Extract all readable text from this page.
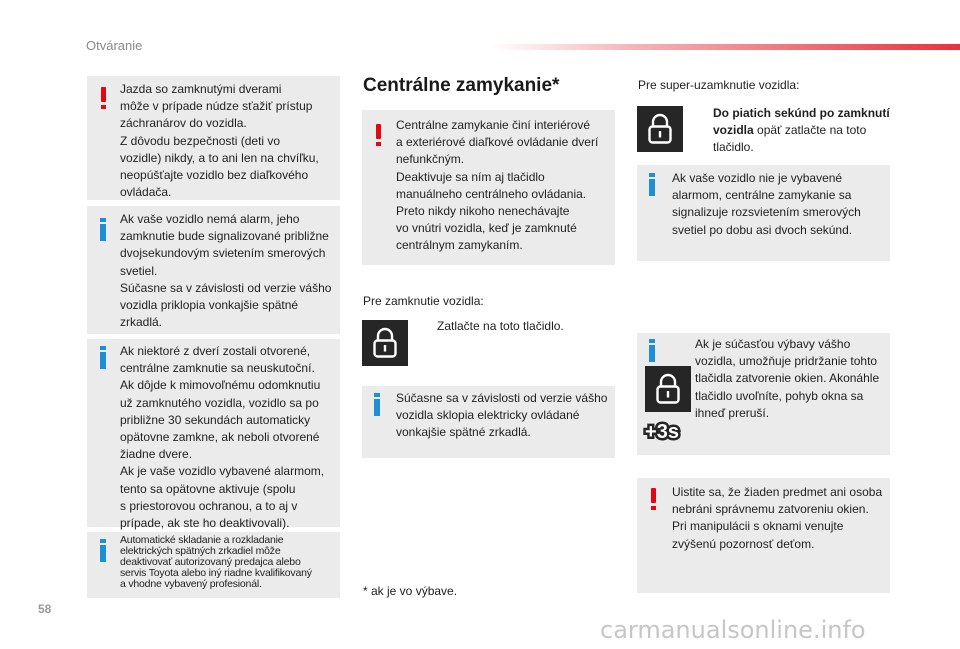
Otváranie
Jazda so zamknutými dverami
môže v prípade núdze sťažiť prístup
záchranárov do vozidla.
Z dôvodu bezpečnosti (deti vo
vozidle) nikdy, a to ani len na chvíľku,
neopúšťajte vozidlo bez diaľkového
ovládača.
Ak vaše vozidlo nemá alarm, jeho
zamknutie bude signalizované približne
dvojsekundovým svietením smerových
svetiel.
Súčasne sa v závislosti od verzie vášho
vozidla priklopia vonkajšie spätné
zrkadlá.
Ak niektoré z dverí zostali otvorené,
centrálne zamknutie sa neuskutoční.
Ak dôjde k mimovoľnému odomknutiu
už zamknutého vozidla, vozidlo sa po
približne 30 sekundách automaticky
opätovne zamkne, ak neboli otvorené
žiadne dvere.
Ak je vaše vozidlo vybavené alarmom,
tento sa opätovne aktivuje (spolu
s priestorovou ochranou, a to aj v
prípade, ak ste ho deaktivovali).
Automatické skladanie a rozkladanie
elektrických spätných zrkadiel môže
deaktivovať autorizovaný predajca alebo
servis Toyota alebo iný riadne kvalifikovaný
a vhodne vybavený profesionál.
Centrálne zamykanie*
Centrálne zamykanie činí interiérové
a exteriérové diaľkové ovládanie dverí
nefunkčným.
Deaktivuje sa ním aj tlačidlo
manuálneho centrálneho ovládania.
Preto nikdy nikoho nenechávajte
vo vnútri vozidla, keď je zamknuté
centrálnym zamykaním.
Pre zamknutie vozidla:
Zatlačte na toto tlačidlo.
Súčasne sa v závislosti od verzie vášho
vozidla sklopia elektricky ovládané
vonkajšie spätné zrkadlá.
* ak je vo výbave.
Pre super-uzamknutie vozidla:
Do piatich sekúnd po zamknutí
vozidla opäť zatlačte na toto
tlačidlo.
Ak vaše vozidlo nie je vybavené
alarmom, centrálne zamykanie sa
signalizuje rozsvietením smerových
svetiel po dobu asi dvoch sekúnd.
Ak je súčasťou výbavy vášho
vozidla, umožňuje pridržanie tohto
tlačidla zatvorenie okien. Akonáhle
tlačidlo uvoľníte, pohyb okna sa
ihneď preruší.
+3s
Uistite sa, že žiaden predmet ani osoba
nebráni správnemu zatvoreniu okien.
Pri manipulácii s oknami venujte
zvýšenú pozornosť deťom.
58
carmanualsonline.info
